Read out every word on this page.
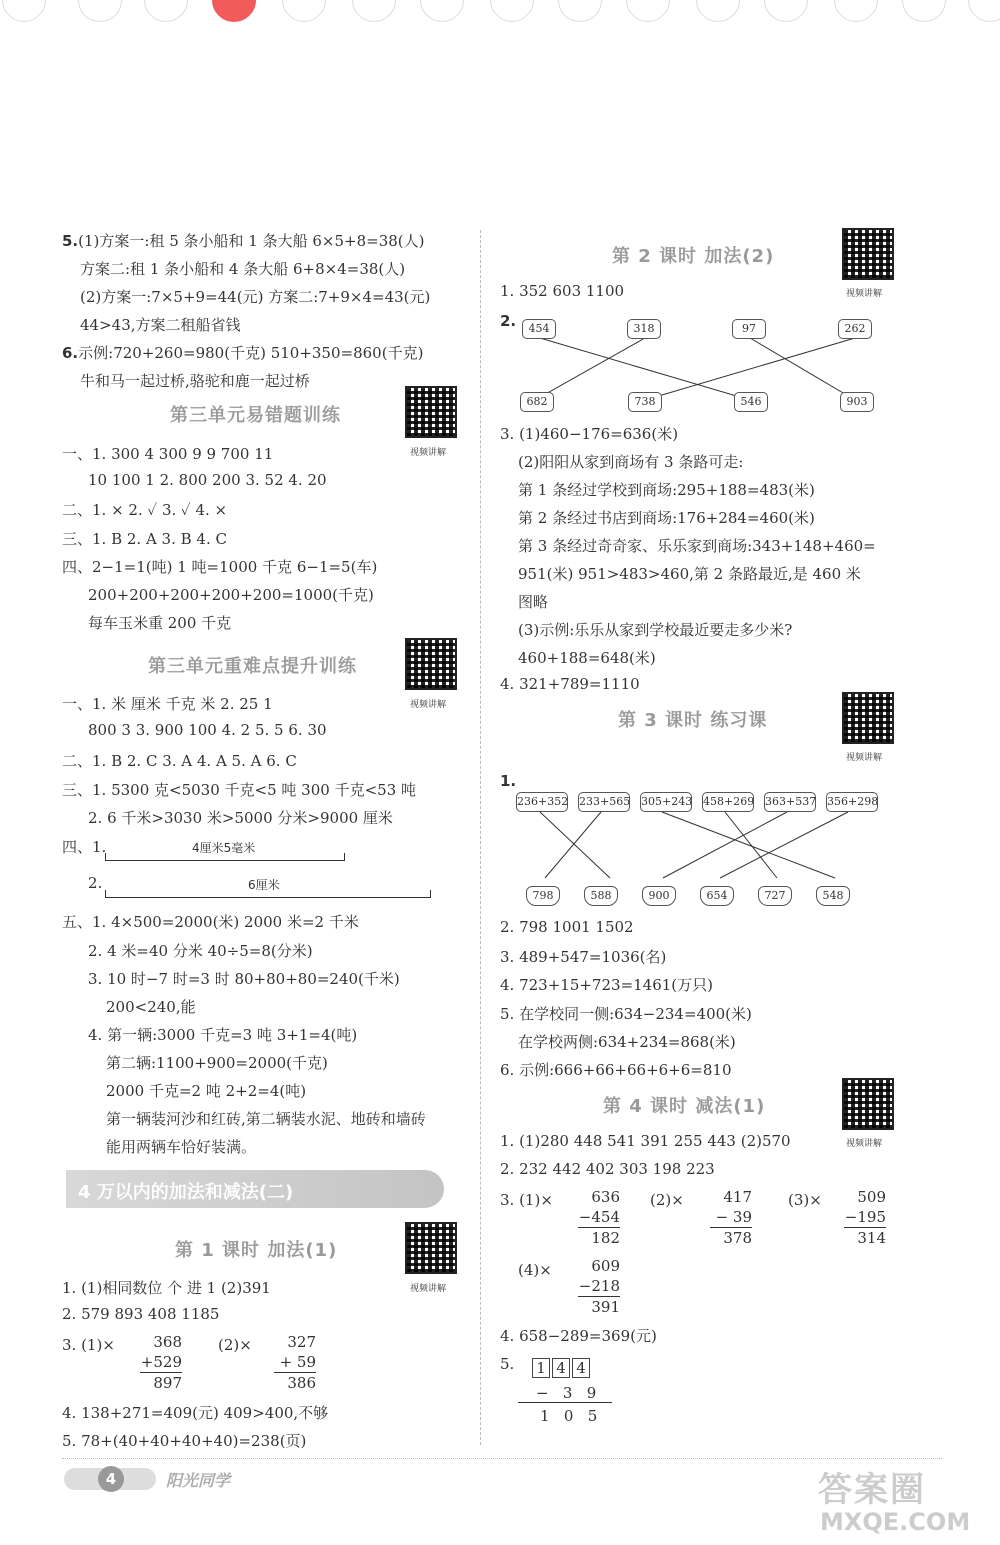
第三单元易错题训练
视频讲解
第三单元重难点提升训练
视频讲解
4厘米5毫米
6厘米
4 万以内的加法和减法(二)
第 1 课时 加法(1)
视频讲解
368
+529
897
327
+ 59
386
第 2 课时 加法(2)
视频讲解
1. 352 603 1100
2.
第 3 课时 练习课
视频讲解
1.
第 4 课时 减法(1)
视频讲解
636
−454
182
417
− 39
378
509
−195
314
609
−218
391
1 4 4
−   3   9
1   0   5
4	阳光同学	答案圈
MXQE.COM
5.(1)方案一:租 5 条小船和 1 条大船 6×5+8=38(人)
方案二:租 1 条小船和 4 条大船 6+8×4=38(人)
(2)方案一:7×5+9=44(元) 方案二:7+9×4=43(元)
44>43,方案二租船省钱
6.示例:720+260=980(千克) 510+350=860(千克)
牛和马一起过桥,骆驼和鹿一起过桥
一、1. 300 4 300 9 9 700 11
10 100 1 2. 800 200 3. 52 4. 20
二、1. × 2. ✓ 3. ✓ 4. ×
三、1. B 2. A 3. B 4. C
四、2−1=1(吨) 1 吨=1000 千克 6−1=5(车)
200+200+200+200+200=1000(千克)
每车玉米重 200 千克
一、1. 米 厘米 千克 米 2. 25 1
800 3 3. 900 100 4. 2 5. 5 6. 30
二、1. B 2. C 3. A 4. A 5. A 6. C
三、1. 5300 克<5030 千克<5 吨 300 千克<53 吨
2. 6 千米>3030 米>5000 分米>9000 厘米
四、1.
2.
五、1. 4×500=2000(米) 2000 米=2 千米
2. 4 米=40 分米 40÷5=8(分米)
3. 10 时−7 时=3 时 80+80+80=240(千米)
200<240,能
4. 第一辆:3000 千克=3 吨 3+1=4(吨)
第二辆:1100+900=2000(千克)
2000 千克=2 吨 2+2=4(吨)
第一辆装河沙和红砖,第二辆装水泥、地砖和墙砖
能用两辆车恰好装满。
1. (1)相同数位 个 进 1 (2)391
2. 579 893 408 1185
3. (1)×	(2)×
4. 138+271=409(元) 409>400,不够
5. 78+(40+40+40+40)=238(页)
3. (1)460−176=636(米)
(2)阳阳从家到商场有 3 条路可走:
第 1 条经过学校到商场:295+188=483(米)
第 2 条经过书店到商场:176+284=460(米)
第 3 条经过奇奇家、乐乐家到商场:343+148+460=
951(米) 951>483>460,第 2 条路最近,是 460 米
图略
(3)示例:乐乐从家到学校最近要走多少米?
460+188=648(米)
4. 321+789=1110
2. 798 1001 1502
3. 489+547=1036(名)
4. 723+15+723=1461(万只)
5. 在学校同一侧:634−234=400(米)
在学校两侧:634+234=868(米)
6. 示例:666+66+66+6+6=810
1. (1)280 448 541 391 255 443 (2)570
2. 232 442 402 303 198 223
3. (1)×	(2)×	(3)×
(4)×
4. 658−289=369(元)
5.
454	318	97	262
682	738	546	903
236+352 233+565 305+243 458+269 363+537 356+298
798	588	900	654	727	548
